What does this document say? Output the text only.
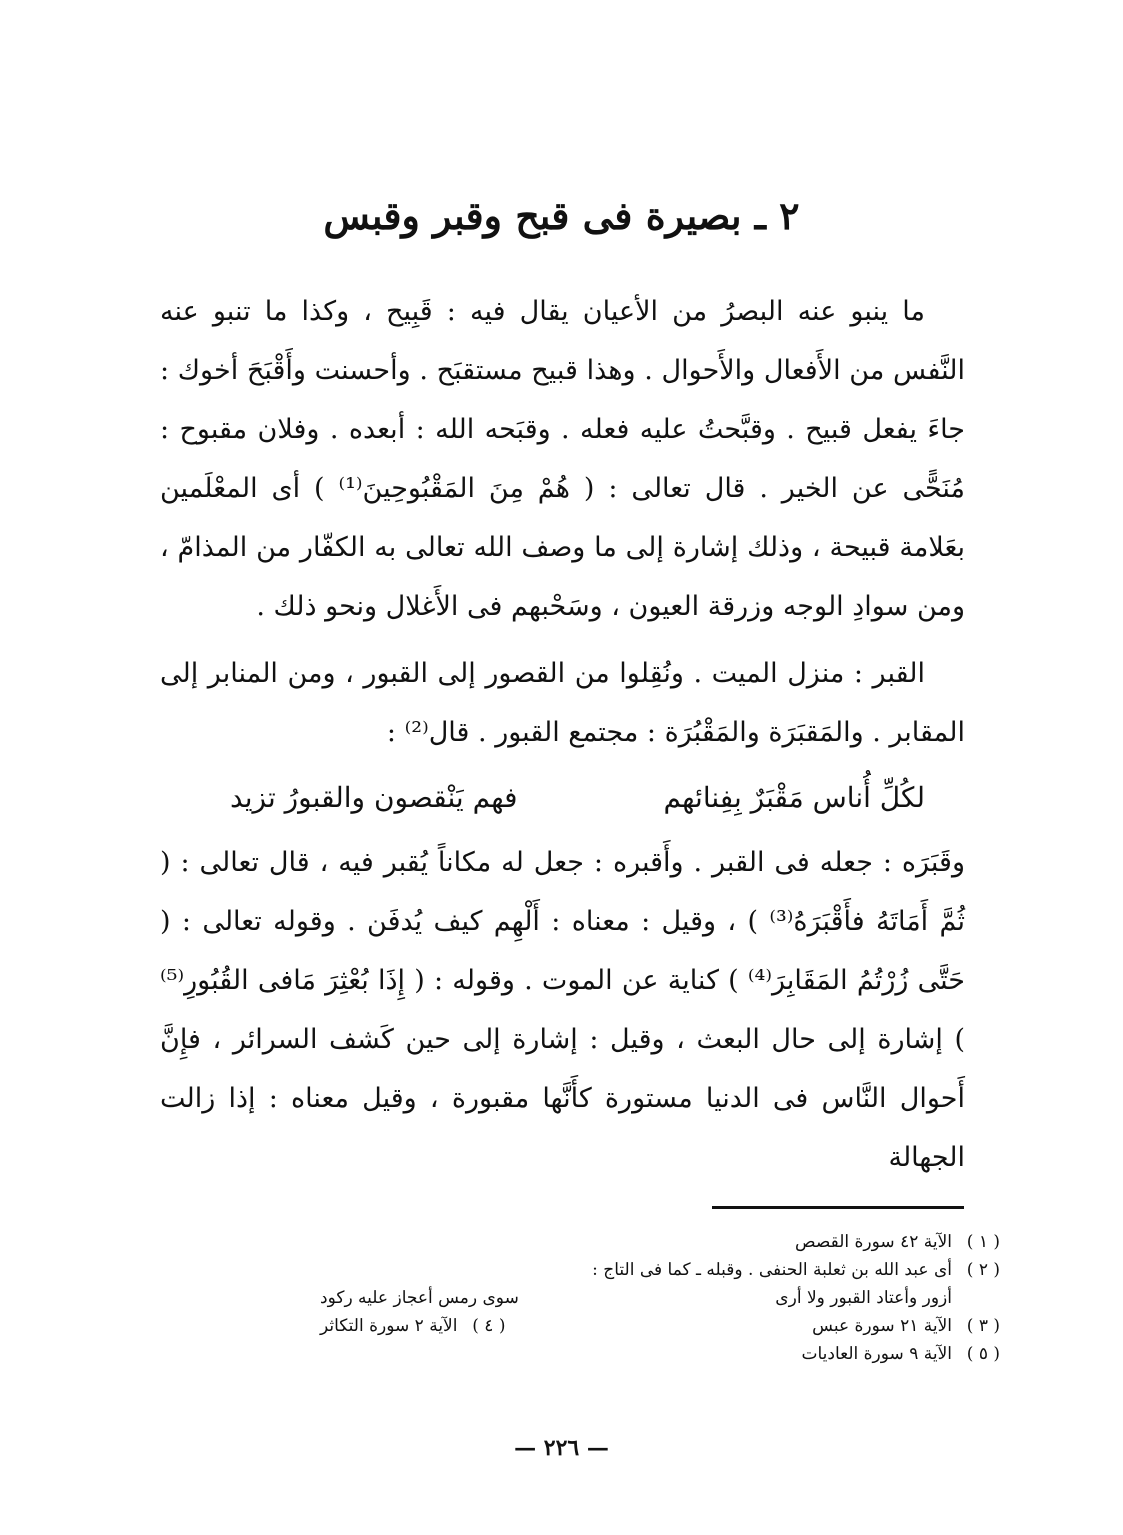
٢ ـ بصيرة فى قبح وقبر وقبس

ما ينبو عنه البصرُ من الأعيان يقال فيه : قَبِيح ، وكذا ما تنبو عنه النَّفس من الأَفعال والأَحوال . وهذا قبيح مستقبَح . وأحسنت وأَقْبَحَ أخوك : جاءَ يفعل قبيح . وقبَّحتُ عليه فعله . وقبَحه الله : أبعده . وفلان مقبوح : مُنَحًّى عن الخير . قال تعالى : ( هُمْ مِنَ المَقْبُوحِينَ⁽¹⁾ ) أى المعْلَمين بعَلامة قبيحة ، وذلك إشارة إلى ما وصف الله تعالى به الكفّار من المذامّ ، ومن سوادِ الوجه وزرقة العيون ، وسَحْبهم فى الأَغلال ونحو ذلك .

القبر : منزل الميت . ونُقِلوا من القصور إلى القبور ، ومن المنابر إلى المقابر . والمَقبَرَة والمَقْبُرَة : مجتمع القبور . قال⁽²⁾ :

لكُلِّ أُناس مَقْبَرٌ بِفِنائهم
فهم يَنْقصون والقبورُ تزيد

وقَبَرَه : جعله فى القبر . وأَقبره : جعل له مكاناً يُقبر فيه ، قال تعالى : ( ثُمَّ أَمَاتَهُ فأَقْبَرَهُ⁽³⁾ ) ، وقيل : معناه : أَلْهِم كيف يُدفَن . وقوله تعالى : ( حَتَّى زُرْتُمُ المَقَابِرَ⁽⁴⁾ ) كناية عن الموت . وقوله : ( إِذَا بُعْثِرَ مَافى القُبُورِ⁽⁵⁾ ) إشارة إلى حال البعث ، وقيل : إشارة إلى حين كَشف السرائر ، فإِنَّ أَحوال النَّاس فى الدنيا مستورة كأَنَّها مقبورة ، وقيل معناه : إذا زالت الجهالة

( ١ )
الآية ٤٢ سورة القصص
( ٢ )
أى عبد الله بن ثعلبة الحنفى . وقبله ـ كما فى التاج :
أزور وأعتاد القبور ولا أرى
سوى رمس أعجاز عليه ركود
( ٣ )
الآية ٢١ سورة عبس
( ٤ )
الآية ٢ سورة التكاثر
( ٥ )
الآية ٩ سورة العاديات
— ٢٢٦ —
